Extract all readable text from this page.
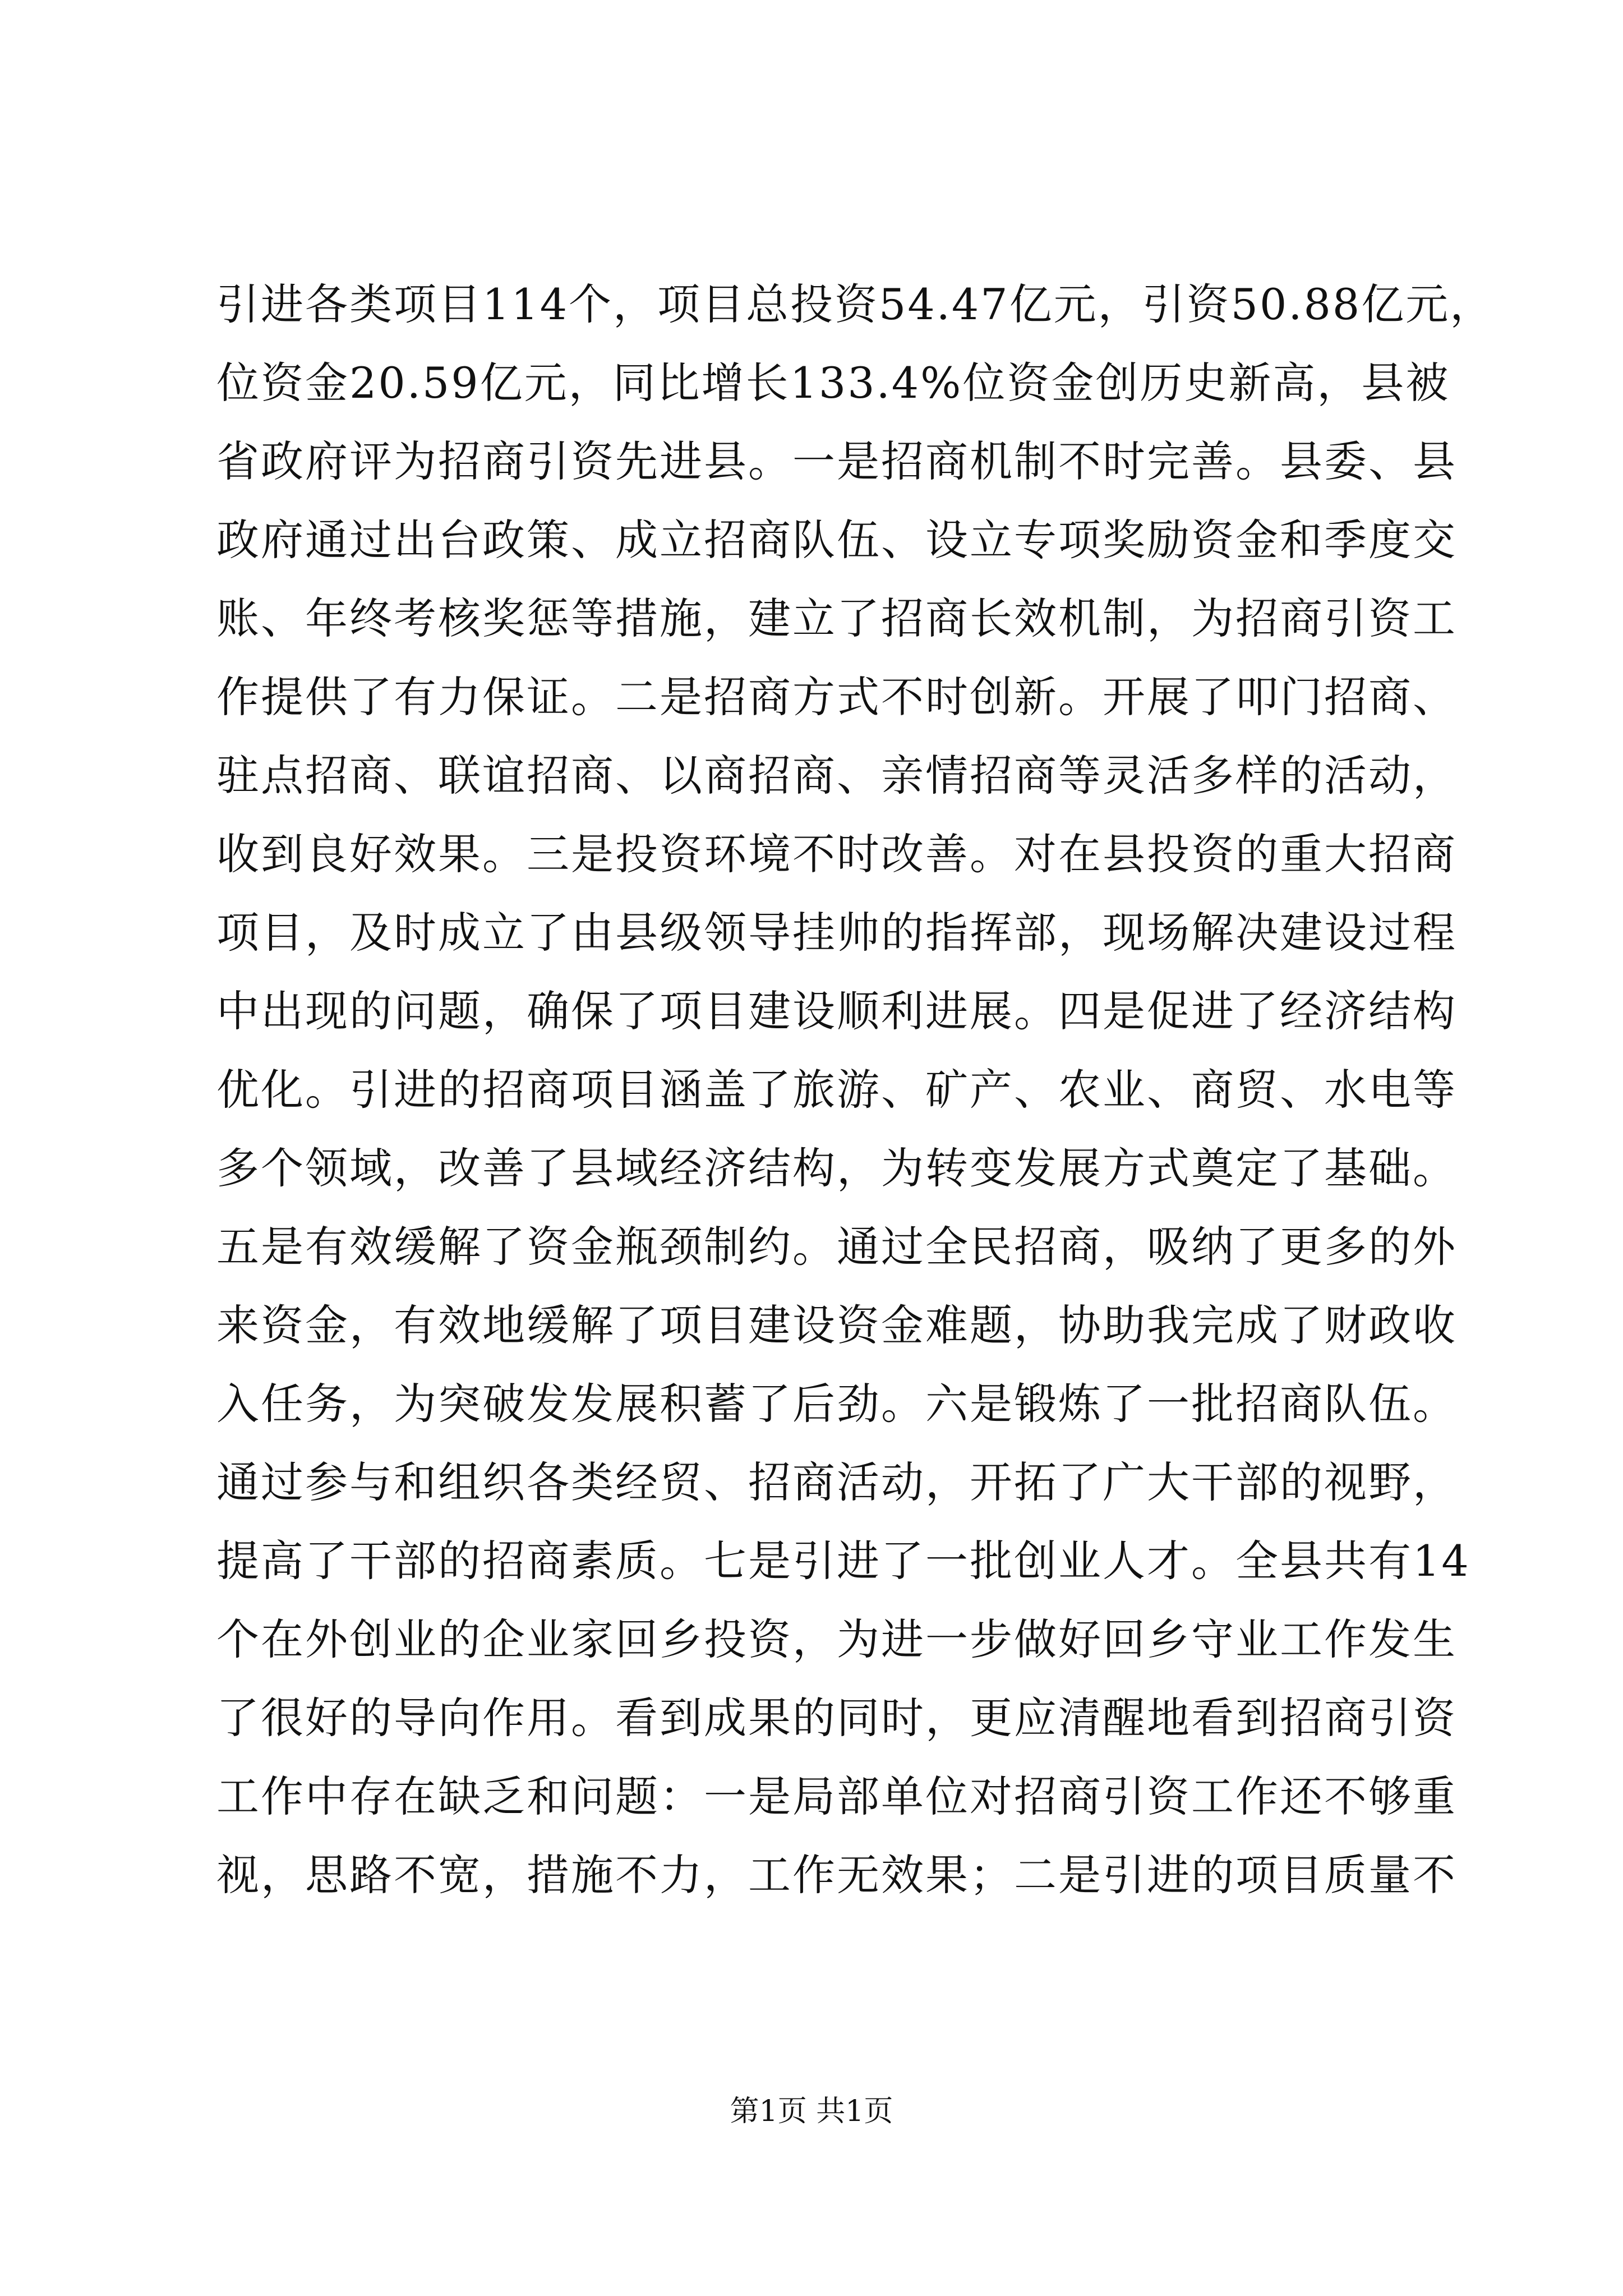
引进各类项目114个，项目总投资54.47亿元，引资50.88亿元，
位资金20.59亿元，同比增长133.4%位资金创历史新高，县被
省政府评为招商引资先进县。一是招商机制不时完善。县委、县
政府通过出台政策、成立招商队伍、设立专项奖励资金和季度交
账、年终考核奖惩等措施，建立了招商长效机制，为招商引资工
作提供了有力保证。二是招商方式不时创新。开展了叩门招商、
驻点招商、联谊招商、以商招商、亲情招商等灵活多样的活动，
收到良好效果。三是投资环境不时改善。对在县投资的重大招商
项目，及时成立了由县级领导挂帅的指挥部，现场解决建设过程
中出现的问题，确保了项目建设顺利进展。四是促进了经济结构
优化。引进的招商项目涵盖了旅游、矿产、农业、商贸、水电等
多个领域，改善了县域经济结构，为转变发展方式奠定了基础。
五是有效缓解了资金瓶颈制约。通过全民招商，吸纳了更多的外
来资金，有效地缓解了项目建设资金难题，协助我完成了财政收
入任务，为突破发发展积蓄了后劲。六是锻炼了一批招商队伍。
通过参与和组织各类经贸、招商活动，开拓了广大干部的视野，
提高了干部的招商素质。七是引进了一批创业人才。全县共有14
个在外创业的企业家回乡投资，为进一步做好回乡守业工作发生
了很好的导向作用。看到成果的同时，更应清醒地看到招商引资
工作中存在缺乏和问题：一是局部单位对招商引资工作还不够重
视，思路不宽，措施不力，工作无效果；二是引进的项目质量不
第1页 共1页
